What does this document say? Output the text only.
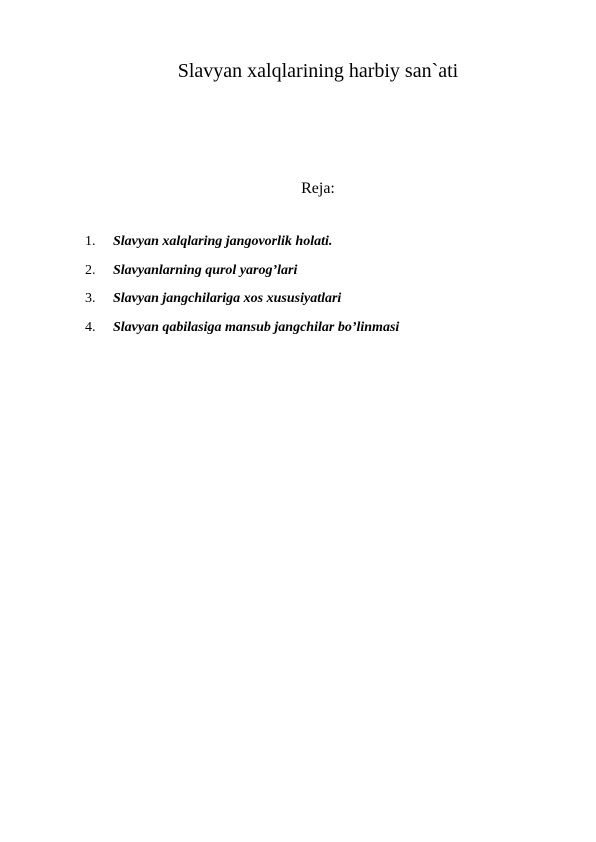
Slavyan xalqlarining harbiy san`ati
Reja:
1.	Slavyan xalqlaring jangovorlik holati.
2.	Slavyanlarning qurol yarog’lari
3.	Slavyan jangchilariga xos xususiyatlari
4.	Slavyan qabilasiga mansub jangchilar bo’linmasi
